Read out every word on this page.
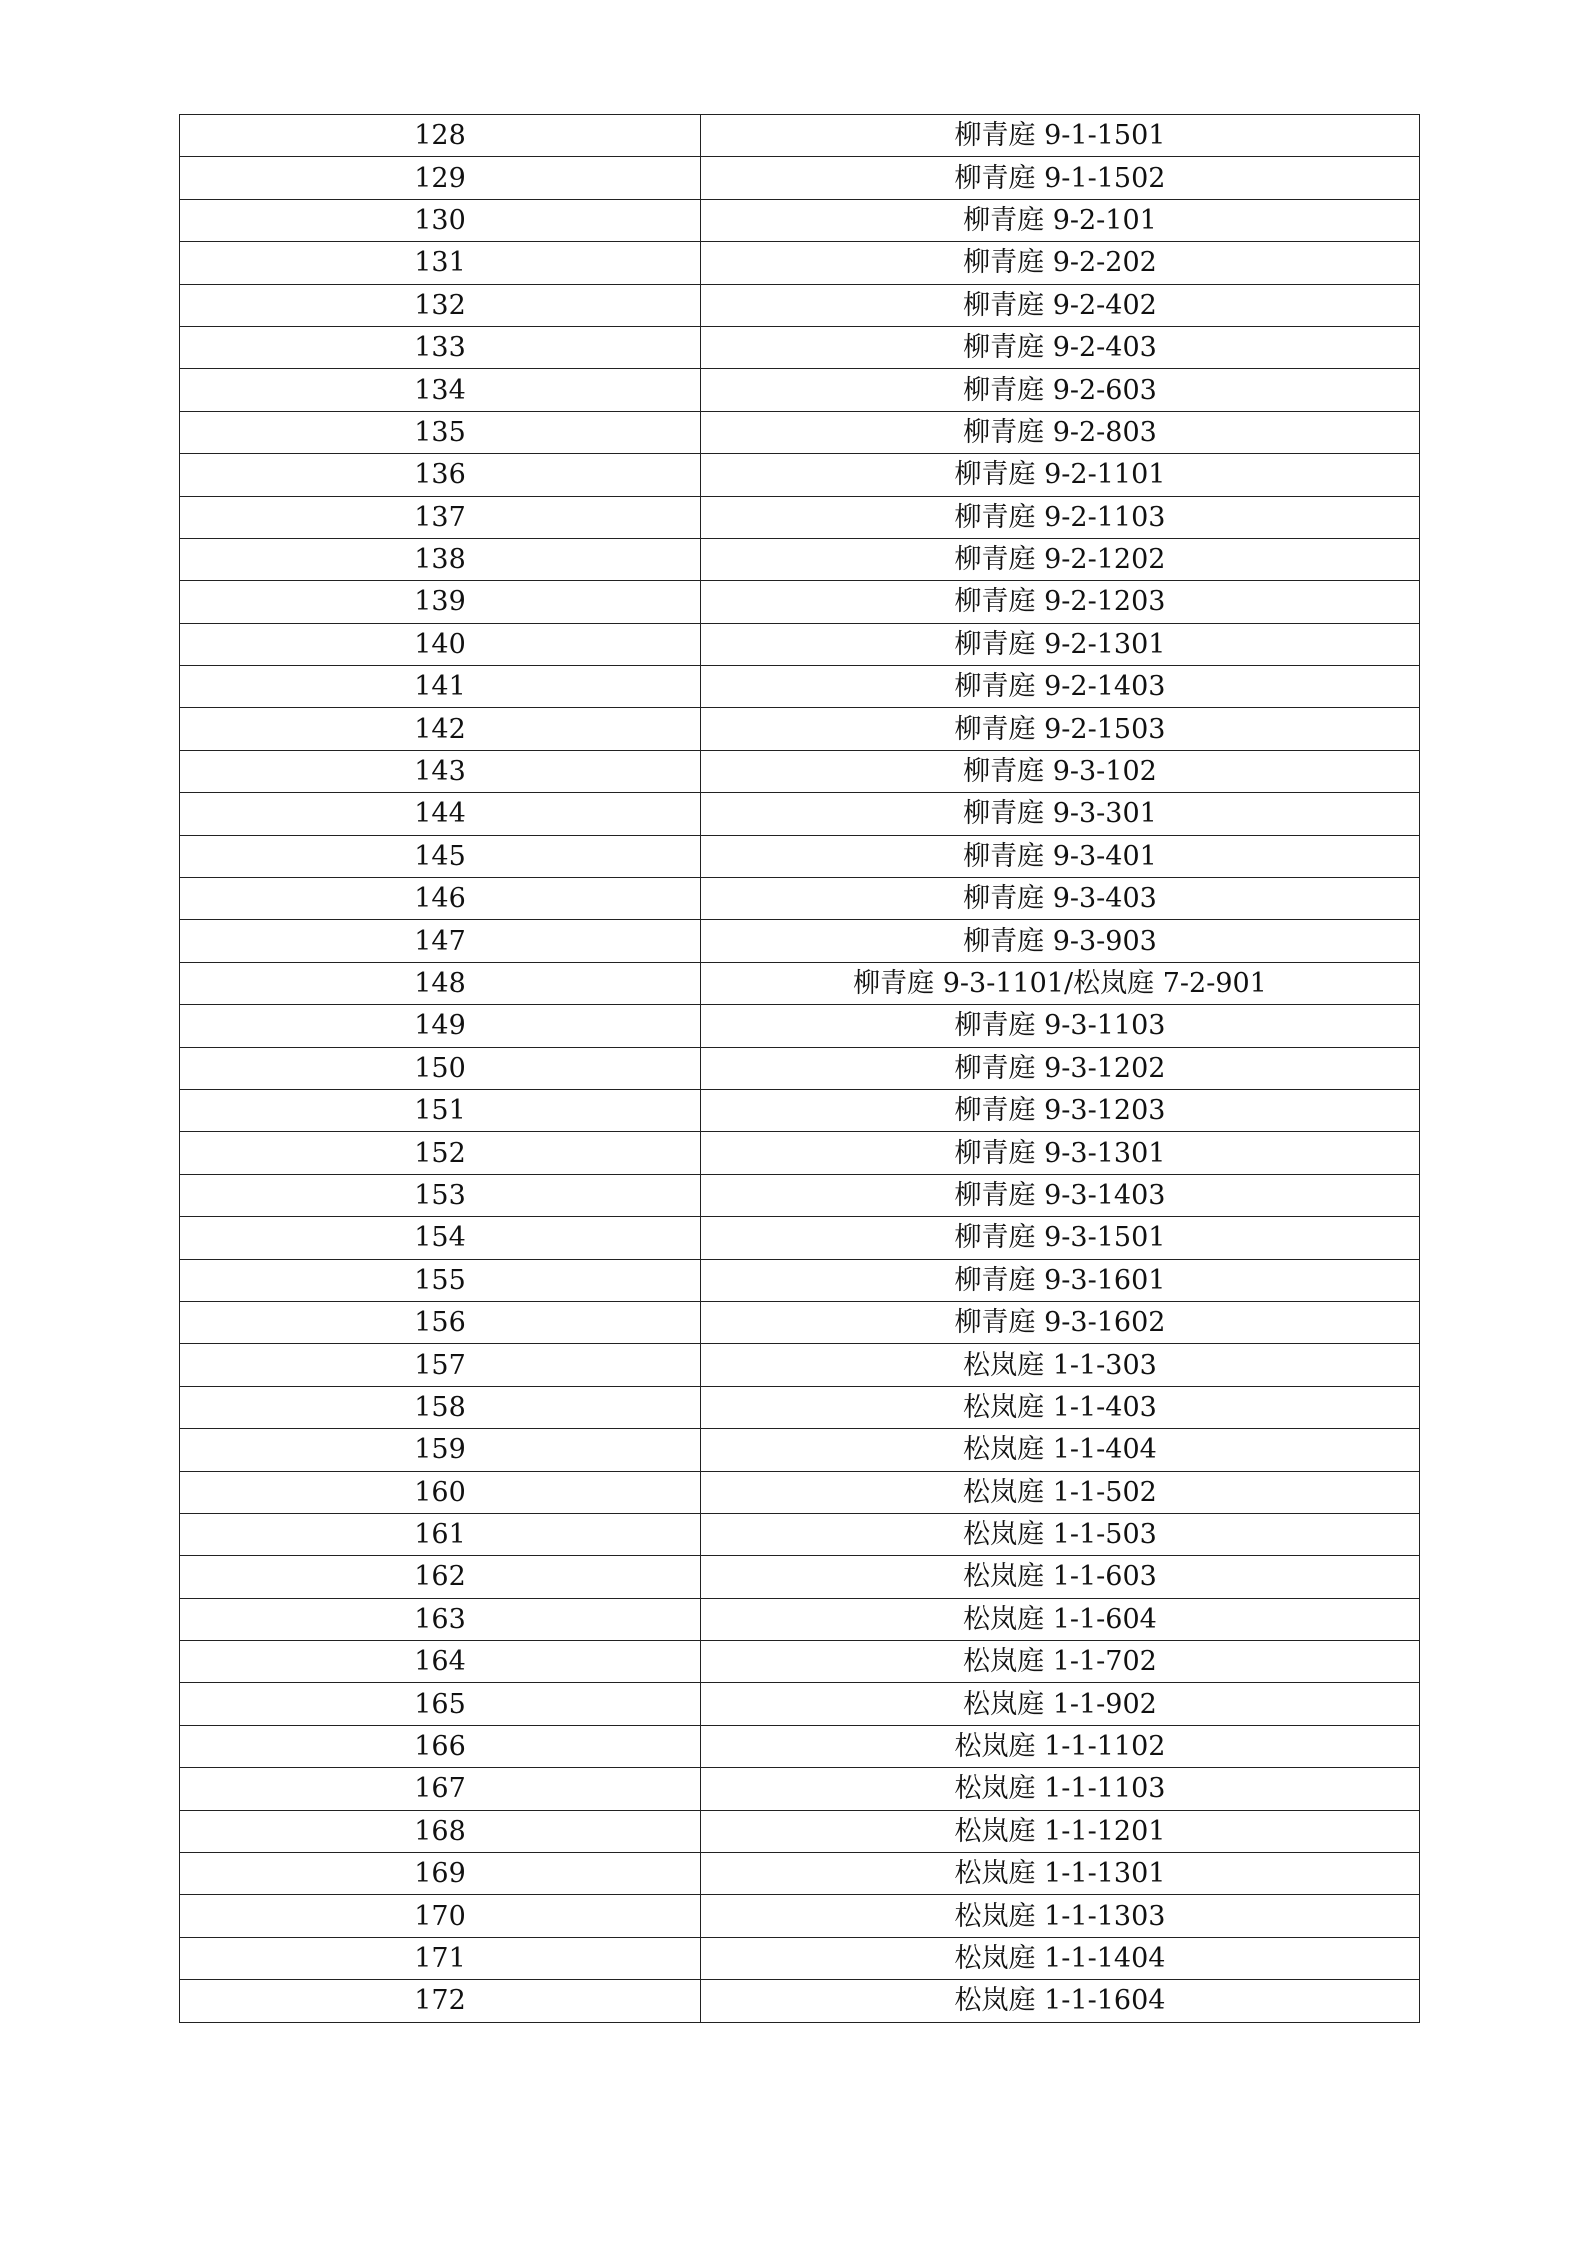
128	柳青庭 9-1-1501
129	柳青庭 9-1-1502
130	柳青庭 9-2-101
131	柳青庭 9-2-202
132	柳青庭 9-2-402
133	柳青庭 9-2-403
134	柳青庭 9-2-603
135	柳青庭 9-2-803
136	柳青庭 9-2-1101
137	柳青庭 9-2-1103
138	柳青庭 9-2-1202
139	柳青庭 9-2-1203
140	柳青庭 9-2-1301
141	柳青庭 9-2-1403
142	柳青庭 9-2-1503
143	柳青庭 9-3-102
144	柳青庭 9-3-301
145	柳青庭 9-3-401
146	柳青庭 9-3-403
147	柳青庭 9-3-903
148	柳青庭 9-3-1101/松岚庭 7-2-901
149	柳青庭 9-3-1103
150	柳青庭 9-3-1202
151	柳青庭 9-3-1203
152	柳青庭 9-3-1301
153	柳青庭 9-3-1403
154	柳青庭 9-3-1501
155	柳青庭 9-3-1601
156	柳青庭 9-3-1602
157	松岚庭 1-1-303
158	松岚庭 1-1-403
159	松岚庭 1-1-404
160	松岚庭 1-1-502
161	松岚庭 1-1-503
162	松岚庭 1-1-603
163	松岚庭 1-1-604
164	松岚庭 1-1-702
165	松岚庭 1-1-902
166	松岚庭 1-1-1102
167	松岚庭 1-1-1103
168	松岚庭 1-1-1201
169	松岚庭 1-1-1301
170	松岚庭 1-1-1303
171	松岚庭 1-1-1404
172	松岚庭 1-1-1604
